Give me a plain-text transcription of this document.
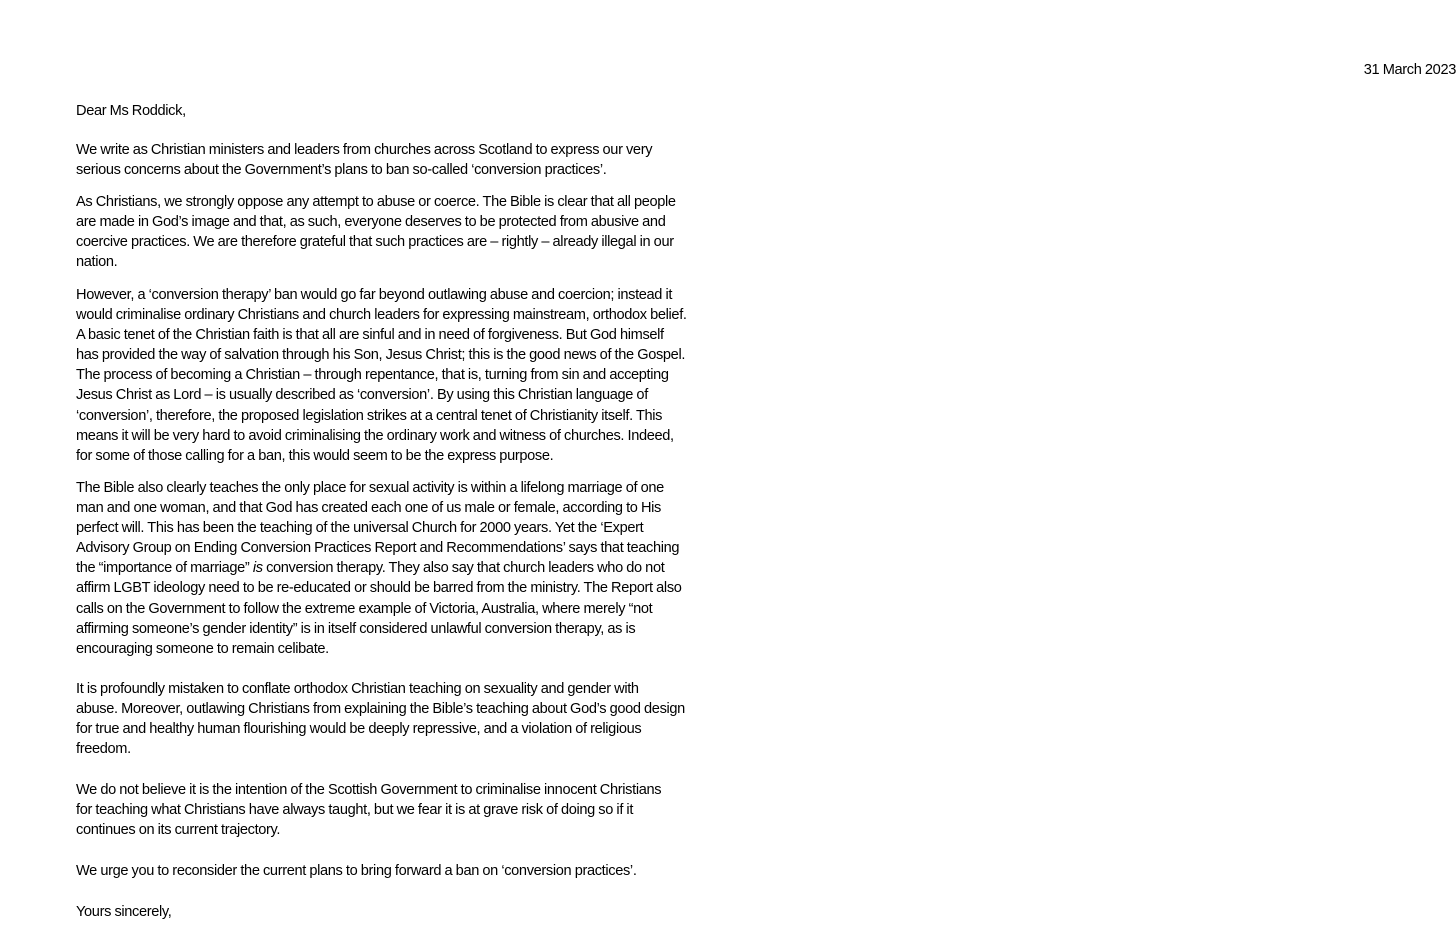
31 March 2023

Dear Ms Roddick,

We write as Christian ministers and leaders from churches across Scotland to express our very
serious concerns about the Government’s plans to ban so-called ‘conversion practices’.

As Christians, we strongly oppose any attempt to abuse or coerce. The Bible is clear that all people
are made in God’s image and that, as such, everyone deserves to be protected from abusive and
coercive practices. We are therefore grateful that such practices are – rightly – already illegal in our
nation.

However, a ‘conversion therapy’ ban would go far beyond outlawing abuse and coercion; instead it
would criminalise ordinary Christians and church leaders for expressing mainstream, orthodox belief.
A basic tenet of the Christian faith is that all are sinful and in need of forgiveness. But God himself
has provided the way of salvation through his Son, Jesus Christ; this is the good news of the Gospel.
The process of becoming a Christian – through repentance, that is, turning from sin and accepting
Jesus Christ as Lord – is usually described as ‘conversion’. By using this Christian language of
‘conversion’, therefore, the proposed legislation strikes at a central tenet of Christianity itself. This
means it will be very hard to avoid criminalising the ordinary work and witness of churches. Indeed,
for some of those calling for a ban, this would seem to be the express purpose.

The Bible also clearly teaches the only place for sexual activity is within a lifelong marriage of one
man and one woman, and that God has created each one of us male or female, according to His
perfect will. This has been the teaching of the universal Church for 2000 years. Yet the ‘Expert
Advisory Group on Ending Conversion Practices Report and Recommendations’ says that teaching
the “importance of marriage” is conversion therapy. They also say that church leaders who do not
affirm LGBT ideology need to be re-educated or should be barred from the ministry. The Report also
calls on the Government to follow the extreme example of Victoria, Australia, where merely “not
affirming someone’s gender identity” is in itself considered unlawful conversion therapy, as is
encouraging someone to remain celibate.

It is profoundly mistaken to conflate orthodox Christian teaching on sexuality and gender with
abuse. Moreover, outlawing Christians from explaining the Bible’s teaching about God’s good design
for true and healthy human flourishing would be deeply repressive, and a violation of religious
freedom.

We do not believe it is the intention of the Scottish Government to criminalise innocent Christians
for teaching what Christians have always taught, but we fear it is at grave risk of doing so if it
continues on its current trajectory.

We urge you to reconsider the current plans to bring forward a ban on ‘conversion practices’.

Yours sincerely,
